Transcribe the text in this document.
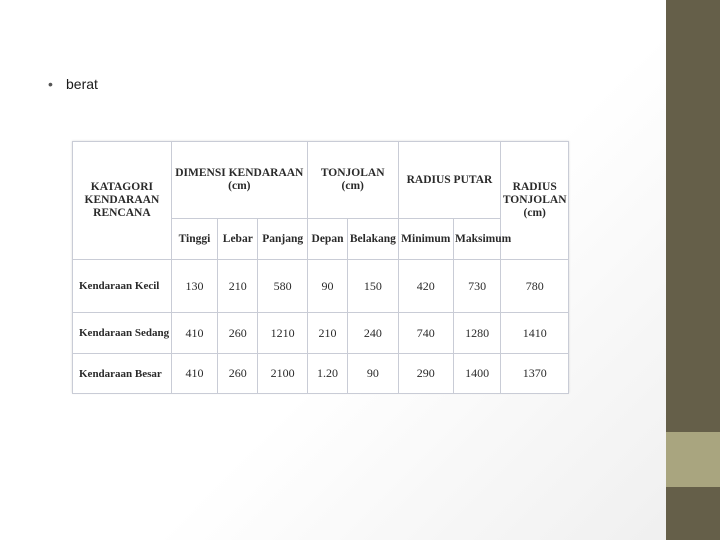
• berat
KATAGORI KENDARAAN RENCANA	DIMENSI KENDARAAN (cm)			TONJOLAN (cm)		RADIUS PUTAR		RADIUS TONJOLAN (cm)
	Tinggi	Lebar	Panjang	Depan	Belakang	Minimum	Maksimum	
Kendaraan Kecil	130	210	580	90	150	420	730	780
Kendaraan Sedang	410	260	1210	210	240	740	1280	1410
Kendaraan Besar	410	260	2100	1.20	90	290	1400	1370
